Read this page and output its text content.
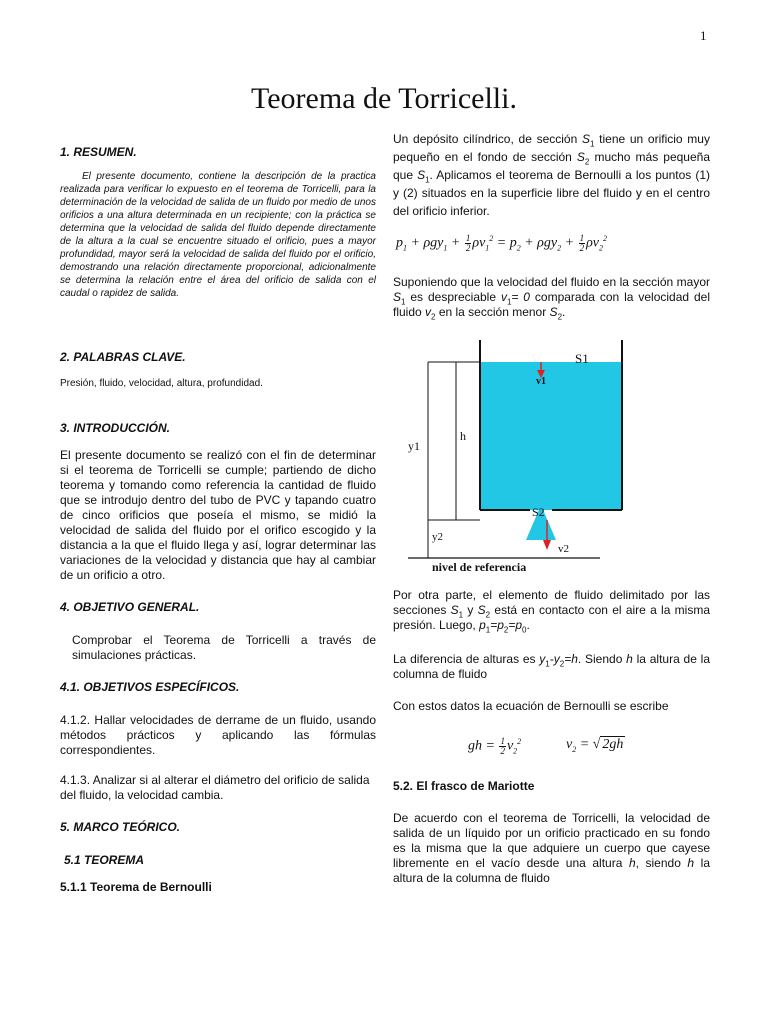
1
Teorema de Torricelli.
1. RESUMEN.

El presente documento, contiene la descripción de la practica realizada para verificar lo expuesto en el teorema de Torricelli, para la determinación de la velocidad de salida de un fluido por medio de unos orificios a una altura determinada en un recipiente; con la práctica se determina que la velocidad de salida del fluido depende directamente de la altura a la cual se encuentre situado el orificio, pues a mayor profundidad, mayor será la velocidad de salida del fluido por el orificio, demostrando una relación directamente proporcional, adicionalmente se determina la relación entre el área del orificio de salida con el caudal o rapidez de salida.

2. PALABRAS CLAVE.
Presión, fluido, velocidad, altura, profundidad.
3. INTRODUCCIÓN.
El presente documento se realizó con el fin de determinar si el teorema de Torricelli se cumple; partiendo de dicho teorema y tomando como referencia la cantidad de fluido que se introdujo dentro del tubo de PVC y tapando cuatro de cinco orificios que poseía el mismo, se midió la velocidad de salida del fluido por el orifico escogido y la distancia a la que el fluido llega y así, lograr determinar las variaciones de la velocidad y distancia que hay al cambiar de un orificio a otro.
4. OBJETIVO GENERAL.
Comprobar el Teorema de Torricelli a través de simulaciones prácticas.
4.1. OBJETIVOS ESPECÍFICOS.
4.1.2. Hallar velocidades de derrame de un fluido, usando métodos prácticos y aplicando las fórmulas correspondientes.
4.1.3. Analizar si al alterar el diámetro del orificio de salida del fluido, la velocidad cambia.
5. MARCO TEÓRICO.
5.1 TEOREMA
5.1.1 Teorema de Bernoulli
Un depósito cilíndrico, de sección $S_1$ tiene un orificio muy pequeño en el fondo de sección $S_2$ mucho más pequeña que $S_1$. Aplicamos el teorema de Bernoulli a los puntos (1) y (2) situados en la superficie libre del fluido y en el centro del orificio inferior.
$p_1 + \rho gy_1 + \frac{1}{2} \rho v_1^2 = p_2 + \rho gy_2 + \frac{1}{2} \rho v_2^2$
Suponiendo que la velocidad del fluido en la sección mayor $S_1$ es despreciable $v_1= 0$ comparada con la velocidad del fluido $v_2$ en la sección menor $S_2$.
S1
v1
S2
v2
y1
h
y2
nivel de referencia
Por otra parte, el elemento de fluido delimitado por las secciones $S_1$ y $S_2$ está en contacto con el aire a la misma presión. Luego, $p_1=p_2=p_0$.
La diferencia de alturas es $y_1-y_2=h$. Siendo h la altura de la columna de fluido
Con estos datos la ecuación de Bernoulli se escribe
gh = $\frac{1}{2} v_2^2$	$v_2$ = √ 2gh
5.2. El frasco de Mariotte
De acuerdo con el teorema de Torricelli, la velocidad de salida de un líquido por un orificio practicado en su fondo es la misma que la que adquiere un cuerpo que cayese libremente en el vacío desde una altura h, siendo h la altura de la columna de fluido
